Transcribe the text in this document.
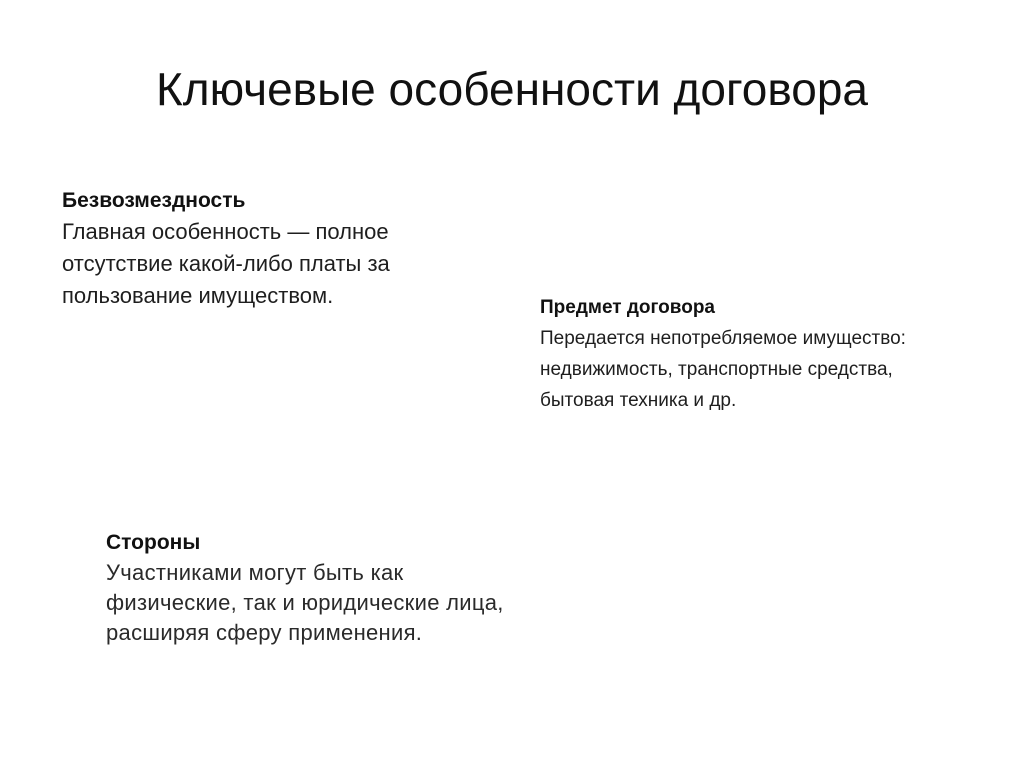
Ключевые особенности договора

Безвозмездность

Главная особенность — полное отсутствие какой-либо платы за пользование имуществом.	Предмет договора

Передается непотребляемое имущество: недвижимость, транспортные средства, бытовая техника и др.

Стороны

Участниками могут быть как физические, так и юридические лица, расширяя сферу применения.
